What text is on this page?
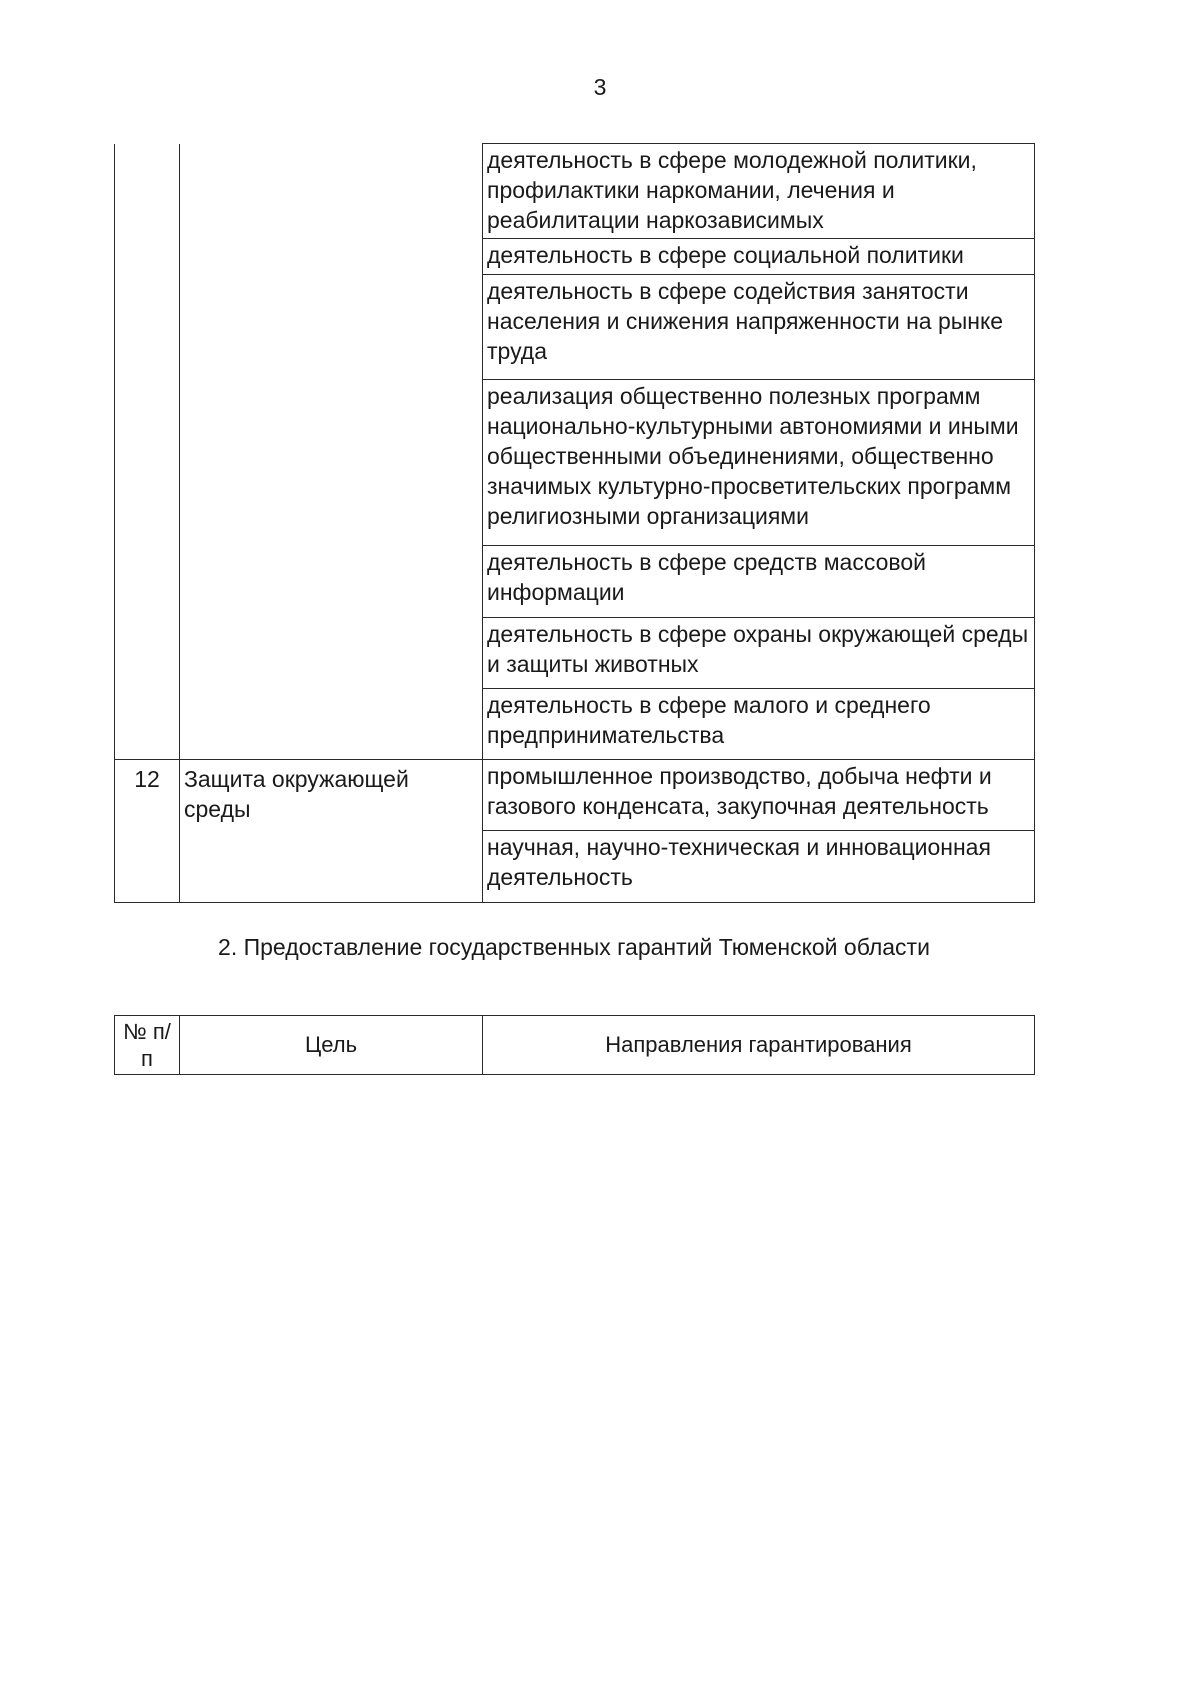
3
		деятельность в сфере молодежной политики, профилактики наркомании, лечения и реабилитации наркозависимых
		деятельность в сфере социальной политики
		деятельность в сфере содействия занятости населения и снижения напряженности на рынке труда

		реализация общественно полезных программ национально-культурными автономиями и иными общественными объединениями, общественно значимых культурно-просветительских программ религиозными организациями

		деятельность в сфере средств массовой информации
		деятельность в сфере охраны окружающей среды и защиты животных
		деятельность в сфере малого и среднего предпринимательства
12	Защита окружающей среды	промышленное производство, добыча нефти и газового конденсата, закупочная деятельность
		научная, научно-техническая и инновационная деятельность
2. Предоставление государственных гарантий Тюменской области
№ п/п	Цель	Направления гарантирования
